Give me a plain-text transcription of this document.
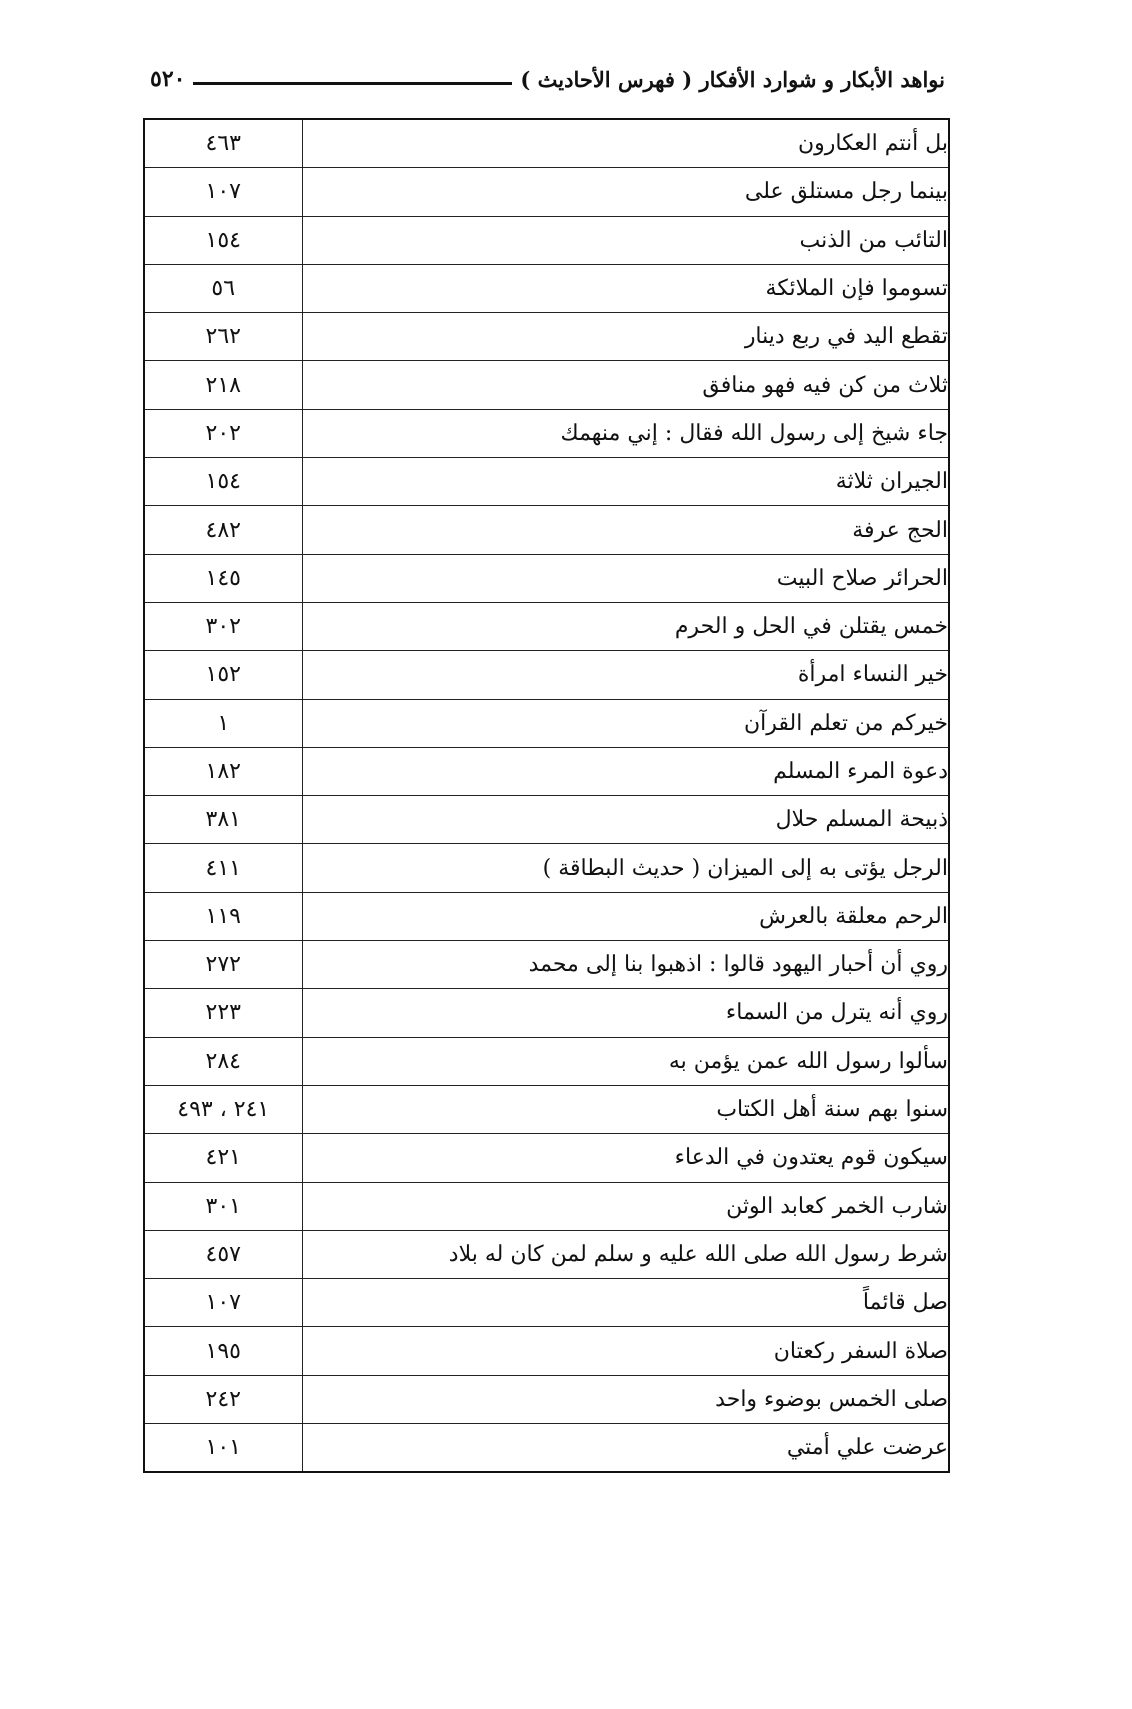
نواهد الأبكار و شوارد الأفكار ( فهرس الأحاديث )
٥٢٠
بل أنتم العكارون	٤٦٣
بينما رجل مستلق على	١٠٧
التائب من الذنب	١٥٤
تسوموا فإن الملائكة	٥٦
تقطع اليد في ربع دينار	٢٦٢
ثلاث من كن فيه فهو منافق	٢١٨
جاء شيخ إلى رسول الله فقال : إني منهمك	٢٠٢
الجيران ثلاثة	١٥٤
الحج عرفة	٤٨٢
الحرائر صلاح البيت	١٤٥
خمس يقتلن في الحل و الحرم	٣٠٢
خير النساء امرأة	١٥٢
خيركم من تعلم القرآن	١
دعوة المرء المسلم	١٨٢
ذبيحة المسلم حلال	٣٨١
الرجل يؤتى به إلى الميزان ( حديث البطاقة )	٤١١
الرحم معلقة بالعرش	١١٩
روي أن أحبار اليهود قالوا : اذهبوا بنا إلى محمد	٢٧٢
روي أنه يترل من السماء	٢٢٣
سألوا رسول الله عمن يؤمن به	٢٨٤
سنوا بهم سنة أهل الكتاب	٢٤١ ، ٤٩٣
سيكون قوم يعتدون في الدعاء	٤٢١
شارب الخمر كعابد الوثن	٣٠١
شرط رسول الله صلى الله عليه و سلم لمن كان له بلاد	٤٥٧
صل قائماً	١٠٧
صلاة السفر ركعتان	١٩٥
صلى الخمس بوضوء واحد	٢٤٢
عرضت علي أمتي	١٠١
